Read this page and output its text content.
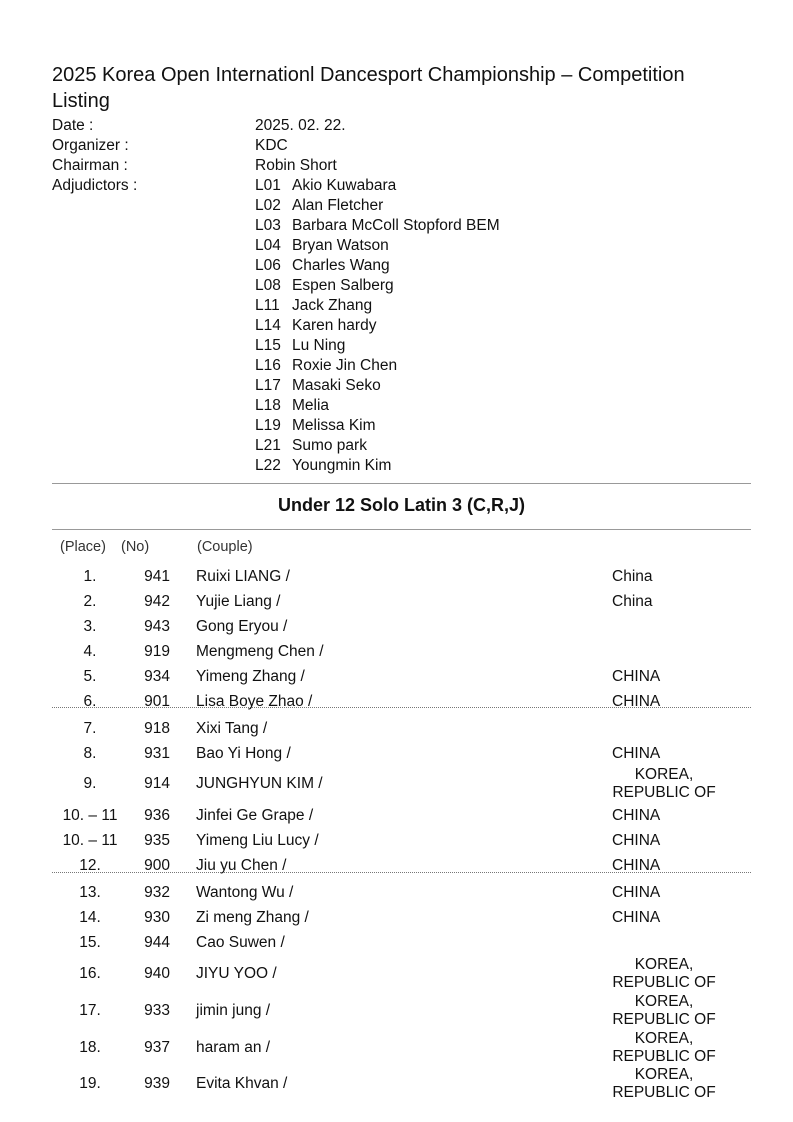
2025 Korea Open Internationl Dancesport Championship – Competition Listing
Date :	2025. 02. 22.
Organizer :	KDC
Chairman :	Robin Short
Adjudictors :	L01 Akio Kuwabara
L02 Alan Fletcher
L03 Barbara McColl Stopford BEM
L04 Bryan Watson
L06 Charles Wang
L08 Espen Salberg
L11 Jack Zhang
L14 Karen hardy
L15 Lu Ning
L16 Roxie Jin Chen
L17 Masaki Seko
L18 Melia
L19 Melissa Kim
L21 Sumo park
L22 Youngmin Kim
Under 12 Solo Latin 3 (C,R,J)
(Place) (No)	(Couple)
1.	941 Ruixi LIANG /	China
2.	942 Yujie Liang /	China
3.	943 Gong Eryou /
4.	919 Mengmeng Chen /
5.	934 Yimeng Zhang /	CHINA
6.	901 Lisa Boye Zhao /	CHINA
7.	918 Xixi Tang /
8.	931 Bao Yi Hong /	CHINA
9.	914 JUNGHYUN KIM /
KOREA,
REPUBLIC OF
10. – 11	936 Jinfei Ge Grape /	CHINA
10. – 11	935 Yimeng Liu Lucy /	CHINA
12.	900 Jiu yu Chen /	CHINA
13.	932 Wantong Wu /	CHINA
14.	930 Zi meng Zhang /	CHINA
15.	944 Cao Suwen /
16.	940 JIYU YOO /
KOREA,
REPUBLIC OF
17.	933 jimin jung /
KOREA,
REPUBLIC OF
18.	937 haram an /
KOREA,
REPUBLIC OF
19.	939 Evita Khvan /
KOREA,
REPUBLIC OF
